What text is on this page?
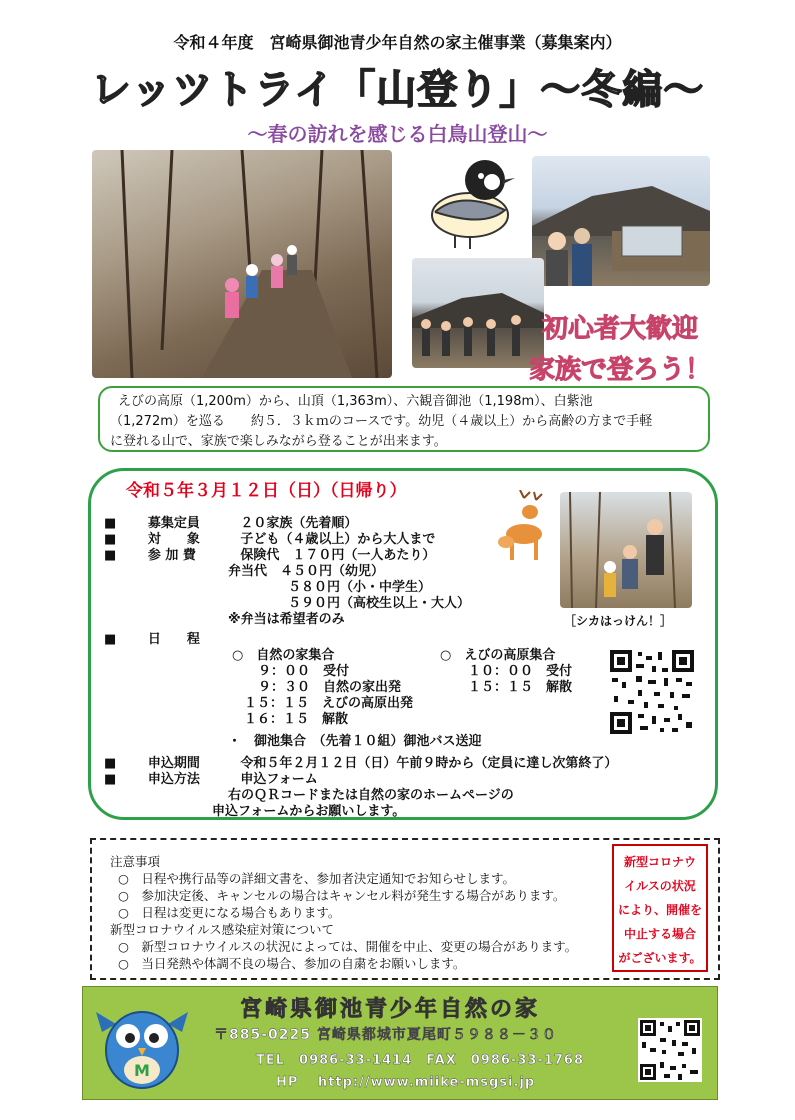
令和４年度　宮崎県御池青少年自然の家主催事業（募集案内）
レッツトライ「山登り」～冬編～
～春の訪れを感じる白鳥山登山～
初心者大歓迎
家族で登ろう！
えびの高原（1,200m）から、山頂（1,363m）、六観音御池（1,198m）、白紫池
（1,272m）を巡る　　約５．３ｋｍのコースです。幼児（４歳以上）から高齢の方まで手軽
に登れる山で、家族で楽しみながら登ることが出来ます。
令和５年３月１２日（日）（日帰り）
■　 募集定員	２０家族（先着順）
■　 対　　象	子ども（４歳以上）から大人まで
■　 参 加 費	保険代　１７０円（一人あたり）
弁当代　４５０円（幼児）
５８０円（小・中学生）
５９０円（高校生以上・大人）
※弁当は希望者のみ
■　 日　　程
○　自然の家集合
９：００　受付
９：３０　自然の家出発
１５：１５　えびの高原出発
１６：１５　解散
○　えびの高原集合
１０：００　受付
１５：１５　解散
・　御池集合　（先着１０組）御池バス送迎
■　 申込期間	令和５年２月１２日（日）午前９時から（定員に達し次第終了）
■　 申込方法	申込フォーム
右のＱＲコードまたは自然の家のホームページの
申込フォームからお願いします。
［シカはっけん！］
注意事項
○　日程や携行品等の詳細文書を、参加者決定通知でお知らせします。
○　参加決定後、キャンセルの場合はキャンセル料が発生する場合があります。
○　日程は変更になる場合もあります。
新型コロナウイルス感染症対策について
○　新型コロナウイルスの状況によっては、開催を中止、変更の場合があります。
○　当日発熱や体調不良の場合、参加の自粛をお願いします。
新型コロナウ
イルスの状況
により、開催を
中止する場合
がございます。
M
宮崎県御池青少年自然の家
〒885-0225 宮崎県都城市夏尾町５９８８－３０
TEL　0986-33-1414　FAX　0986-33-1768
HP　 http://www.miike-msgsi.jp
